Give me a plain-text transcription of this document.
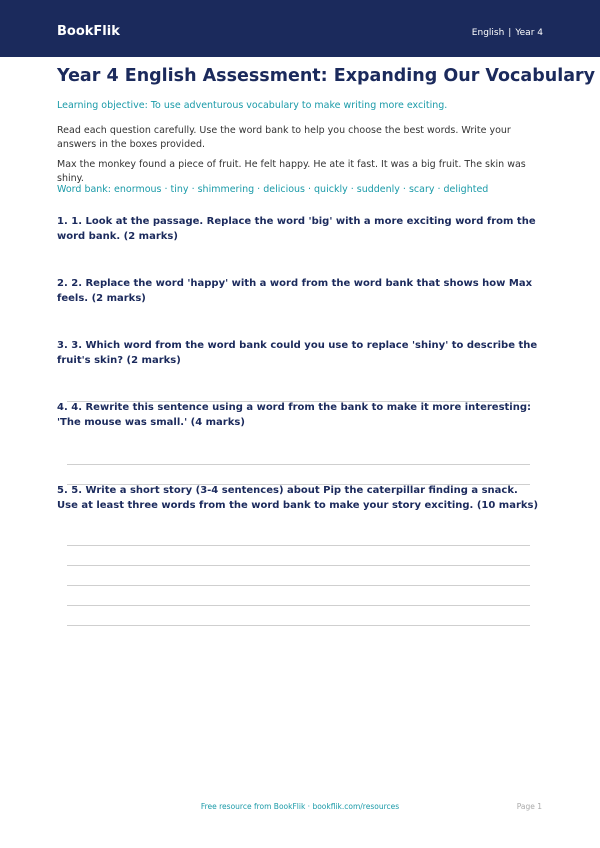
BookFlik	English | Year 4
Year 4 English Assessment: Expanding Our Vocabulary
Learning objective: To use adventurous vocabulary to make writing more exciting.
Read each question carefully. Use the word bank to help you choose the best words. Write your answers in the boxes provided.
Max the monkey found a piece of fruit. He felt happy. He ate it fast. It was a big fruit. The skin was shiny.
Word bank: enormous · tiny · shimmering · delicious · quickly · suddenly · scary · delighted

1. 1. Look at the passage. Replace the word 'big' with a more exciting word from the word bank. (2 marks)

2. 2. Replace the word 'happy' with a word from the word bank that shows how Max feels. (2 marks)

3. 3. Which word from the word bank could you use to replace 'shiny' to describe the fruit's skin? (2 marks)

4. 4. Rewrite this sentence using a word from the bank to make it more interesting: 'The mouse was small.' (4 marks)

5. 5. Write a short story (3-4 sentences) about Pip the caterpillar finding a snack. Use at least three words from the word bank to make your story exciting. (10 marks)

Free resource from BookFlik · bookflik.com/resources	Page 1
